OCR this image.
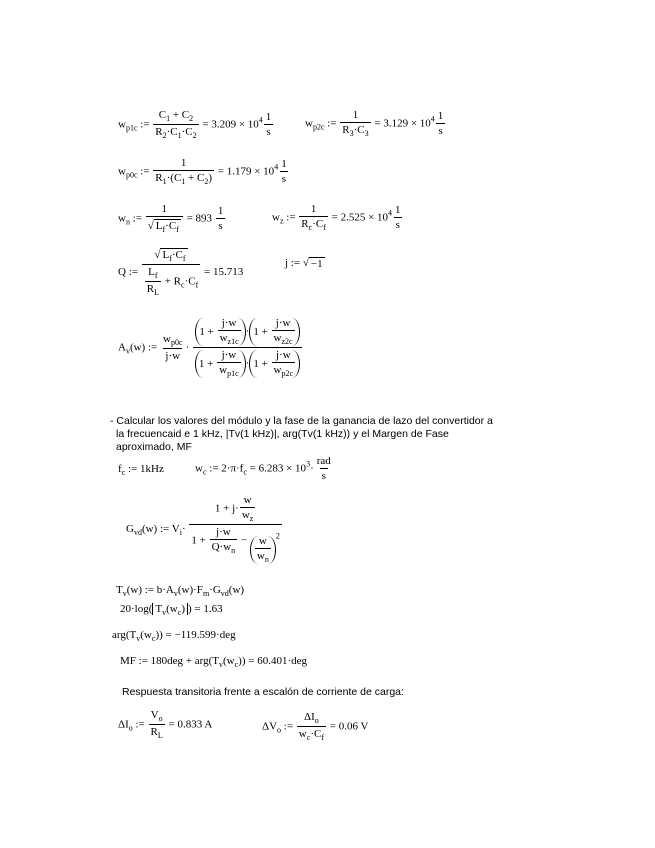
$w_{p1c}$ := $\frac{C_1 + C_2}{R_2\cdot C_1\cdot C_2} = 3.209 \times 10^4 \frac{1}{s}$	$w_{p2c}$ := $\frac{1}{R_3\cdot C_3} = 3.129 \times 10^4 \frac{1}{s}$
$w_{p0c}$ := $\frac{1}{R_1\cdot(C_1 + C_2)} = 1.179 \times 10^4 \frac{1}{s}$
$w_n$ := $\frac{1}{√ L_f\cdot C_f} = 893 \frac{1}{s}$	$w_z$ := $\frac{1}{R_c\cdot C_f} = 2.525 \times 10^4 \frac{1}{s}$
Q := $\frac{√ L_f\cdot C_f}{\frac{L_f}{R_L} + R_c\cdot C_f} = 15.713$
j := √ −1
$A_v(w)$ := $\frac{w_{p0c}}{j\cdot w} \cdot 1$ +
$\frac{j\cdot w}{w_{z1c}} \cdot 1$ +
$\frac{j\cdot w}{w_{z2c}}$
1 +
$\frac{j\cdot w}{w_{p1c}} \cdot 1$ +
$\frac{j\cdot w}{w_{p2c}}$
- Calcular los valores del módulo y la fase de la ganancia de lazo del convertidor a
la frecuencaid e 1 kHz, |Tv(1 kHz)|, arg(Tv(1 kHz)) y el Margen de Fase
aproximado, MF
$f_c$ := 1kHz	$w_c$ := $2\cdot\pi\cdot f_c = 6.283 \times 10^3\cdot \frac{\text{rad}}{s}$
$G_{vd}(w)$ := $V_i\cdot \frac{1 + j\cdot \frac{w}{w_z}}{1 + \frac{j\cdot w}{Q\cdot w_n} - \frac{w}{w_n} ^2}$
$T_v(w)$ := $b\cdot A_v(w)\cdot F_m\cdot G_{vd}(w)$
20·log( $T_v(w_c)$ ) = 1.63
$arg(T_v(w_c)) = -119.599\cdot deg$
MF := $180deg + arg(T_v(w_c)) = 60.401\cdot deg$
Respuesta transitoria frente a escalón de corriente de carga:
$\Delta I_o$ := $\frac{V_o}{R_L} = 0.833$ A	$\Delta V_o$ := $\frac{\Delta I_o}{w_c\cdot C_f} = 0.06$ V
